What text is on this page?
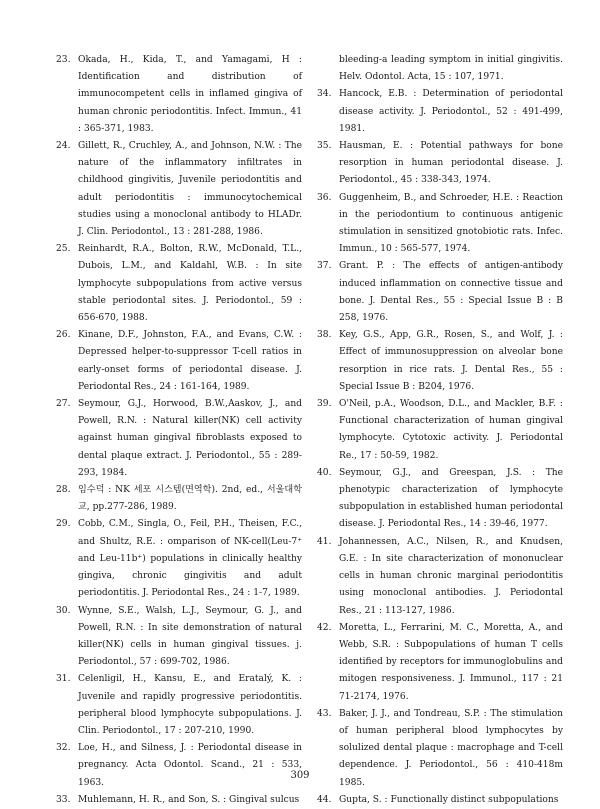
23. Okada, H., Kida, T., and Yamagami, H : Identification and distribution of immunocompetent cells in inflamed gingiva of human chronic periodontitis. Infect. Immun., 41 : 365-371, 1983.

24. Gillett, R., Cruchley, A., and Johnson, N.W. : The nature of the inflammatory infiltrates in childhood gingivitis, Juvenile periodontitis and adult periodontitis : immunocytochemical studies using a monoclonal antibody to HLADr. J. Clin. Periodontol., 13 : 281-288, 1986.

25. Reinhardt, R.A., Bolton, R.W., McDonald, T.L., Dubois, L.M., and Kaldahl, W.B. : In site lymphocyte subpopulations from active versus stable periodontal sites. J. Periodontol., 59 : 656-670, 1988.

26. Kinane, D.F., Johnston, F.A., and Evans, C.W. : Depressed helper-to-suppressor T-cell ratios in early-onset forms of periodontal disease. J. Periodontal Res., 24 : 161-164, 1989.

27. Seymour, G.J., Horwood, B.W.,Aaskov, J., and Powell, R.N. : Natural killer(NK) cell activity against human gingival fibroblasts exposed to dental plaque extract. J. Periodontol., 55 : 289-293, 1984.

28. 임수덕 : NK 세포 시스템(면역학). 2nd, ed., 서울대학교, pp.277-286, 1989.

29. Cobb, C.M., Singla, O., Feil, P.H., Theisen, F.C., and Shultz, R.E. : omparison of NK-cell(Leu-7⁺ and Leu-11b⁺) populations in clinically healthy gingiva, chronic gingivitis and adult periodontitis. J. Periodontal Res., 24 : 1-7, 1989.

30. Wynne, S.E., Walsh, L.J., Seymour, G. J., and Powell, R.N. : In site demonstration of natural killer(NK) cells in human gingival tissues. j. Periodontol., 57 : 699-702, 1986.

31. Celenligil, H., Kansu, E., and Eratalý, K. : Juvenile and rapidly progressive periodontitis. peripheral blood lymphocyte subpopulations. J. Clin. Periodontol., 17 : 207-210, 1990.

32. Loe, H., and Silness, J. : Periodontal disease in pregnancy. Acta Odontol. Scand., 21 : 533, 1963.

33. Muhlemann, H. R., and Son, S. : Gingival sulcus

bleeding-a leading symptom in initial gingivitis. Helv. Odontol. Acta, 15 : 107, 1971.

34. Hancock, E.B. : Determination of periodontal disease activity. J. Periodontol., 52 : 491-499, 1981.

35. Hausman, E. : Potential pathways for bone resorption in human periodontal disease. J. Periodontol., 45 : 338-343, 1974.

36. Guggenheim, B., and Schroeder, H.E. : Reaction in the periodontium to continuous antigenic stimulation in sensitized gnotobiotic rats. Infec. Immun., 10 : 565-577, 1974.

37. Grant. P. : The effects of antigen-antibody induced inflammation on connective tissue and bone. J. Dental Res., 55 : Special Issue B : B 258, 1976.

38. Key, G.S., App, G.R., Rosen, S., and Wolf, J. : Effect of immunosuppression on alveolar bone resorption in rice rats. J. Dental Res., 55 : Special Issue B : B204, 1976.

39. O'Neil, p.A., Woodson, D.L., and Mackler, B.F. : Functional characterization of human gingival lymphocyte. Cytotoxic activity. J. Periodontal Re., 17 : 50-59, 1982.

40. Seymour, G.J., and Greespan, J.S. : The phenotypic characterization of lymphocyte subpopulation in established human periodontal disease. J. Periodontal Res., 14 : 39-46, 1977.

41. Johannessen, A.C., Nilsen, R., and Knudsen, G.E. : In site characterization of mononuclear cells in human chronic marginal periodontitis using monoclonal antibodies. J. Periodontal Res., 21 : 113-127, 1986.

42. Moretta, L., Ferrarini, M. C., Moretta, A., and Webb, S.R. : Subpopulations of human T cells identified by receptors for immunoglobulins and mitogen responsiveness. J. Immunol., 117 : 21 71-2174, 1976.

43. Baker, J. J., and Tondreau, S.P. : The stimulation of human peripheral blood lymphocytes by solulized dental plaque : macrophage and T-cell dependence. J. Periodontol., 56 : 410-418m 1985.

44. Gupta, S. : Functionally distinct subpopulations

309
